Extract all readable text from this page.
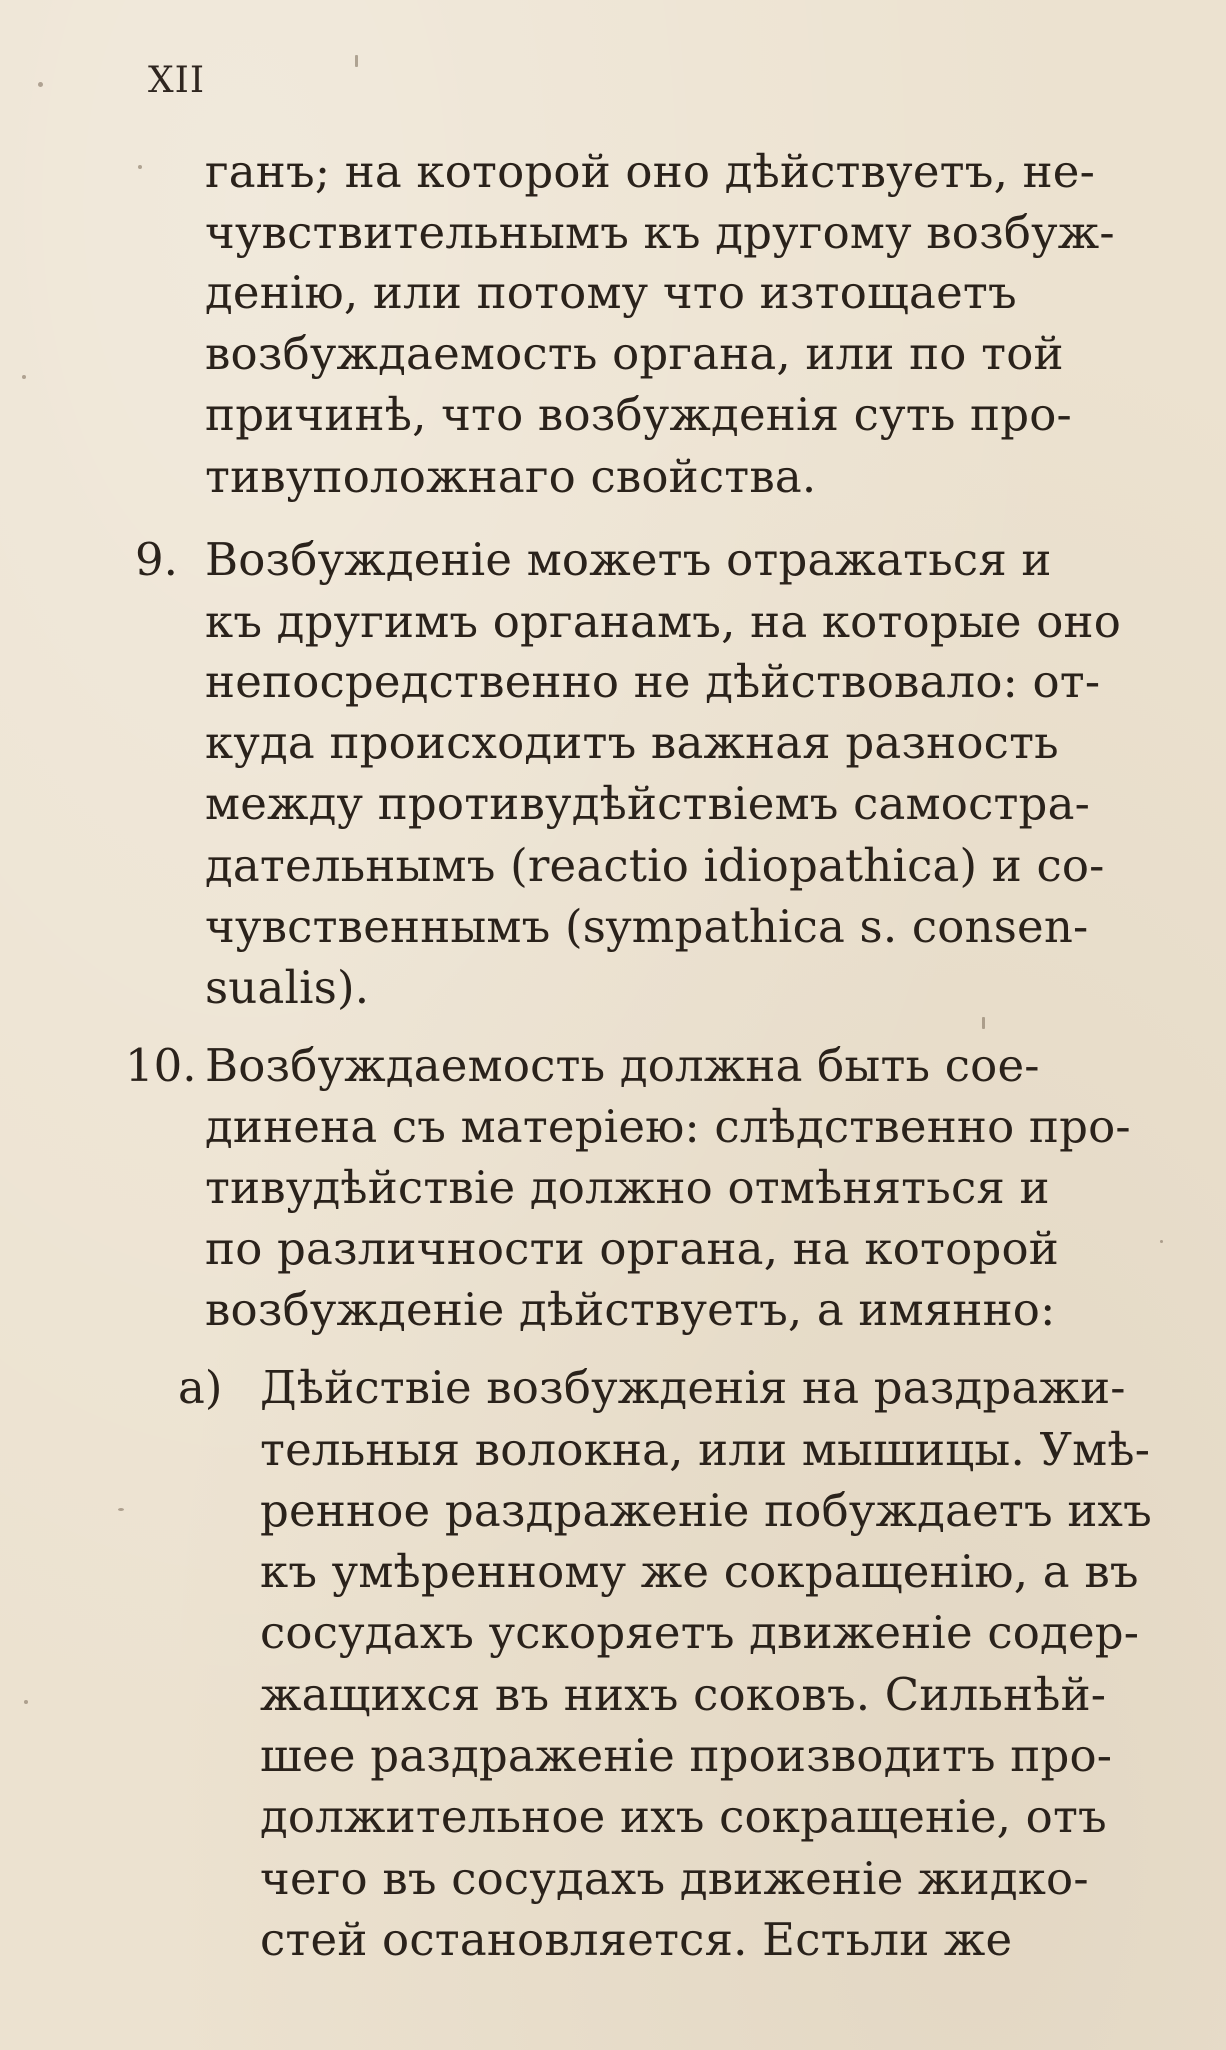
XII
ганъ; на которой оно дѣйствуетъ, не-
чувствительнымъ къ другому возбуж-
денію, или потому что изтощаетъ
возбуждаемость органа, или по той
причинѣ, что возбужденія суть про-
тивуположнаго свойства.
9. Возбужденіе можетъ отражаться и
къ другимъ органамъ, на которые оно
непосредственно не дѣйствовало: от-
куда происходитъ важная разность
между противудѣйствіемъ самостра-
дательнымъ (reactio idiopathica) и со-
чувственнымъ (sympathica s. consen-
sualis).
10. Возбуждаемость должна быть сое-
динена съ матеріею: слѣдственно про-
тивудѣйствіе должно отмѣняться и
по различности органа, на которой
возбужденіе дѣйствуетъ, а имянно:
a) Дѣйствіе возбужденія на раздражи-
тельныя волокна, или мышицы. Умѣ-
ренное раздраженіе побуждаетъ ихъ
къ умѣренному же сокращенію, а въ
сосудахъ ускоряетъ движеніе содер-
жащихся въ нихъ соковъ. Сильнѣй-
шее раздраженіе производитъ про-
должительное ихъ сокращеніе, отъ
чего въ сосудахъ движеніе жидко-
стей остановляется. Естьли же
